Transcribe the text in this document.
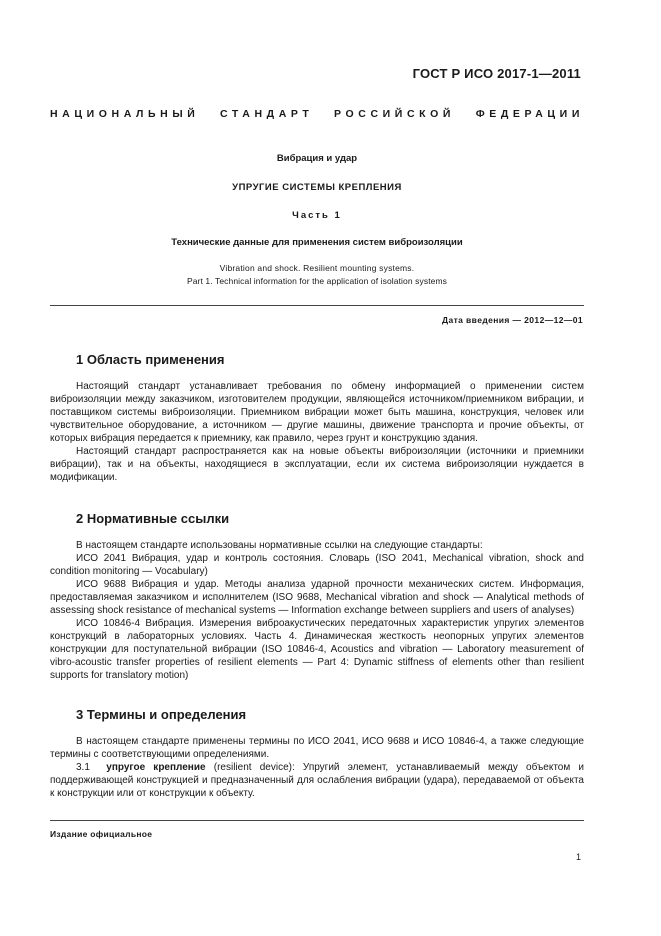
ГОСТ Р ИСО 2017-1—2011
НАЦИОНАЛЬНЫЙ СТАНДАРТ РОССИЙСКОЙ ФЕДЕРАЦИИ
Вибрация и удар
УПРУГИЕ СИСТЕМЫ КРЕПЛЕНИЯ
Часть 1
Технические данные для применения систем виброизоляции
Vibration and shock. Resilient mounting systems.
Part 1. Technical information for the application of isolation systems
Дата введения — 2012—12—01
1 Область применения

Настоящий стандарт устанавливает требования по обмену информацией о применении систем виброизоляции между заказчиком, изготовителем продукции, являющейся источником/приемником вибрации, и поставщиком системы виброизоляции. Приемником вибрации может быть машина, конструкция, человек или чувствительное оборудование, а источником — другие машины, движение транспорта и прочие объекты, от которых вибрация передается к приемнику, как правило, через грунт и конструкцию здания.

Настоящий стандарт распространяется как на новые объекты виброизоляции (источники и приемники вибрации), так и на объекты, находящиеся в эксплуатации, если их система виброизоляции нуждается в модификации.

2 Нормативные ссылки

В настоящем стандарте использованы нормативные ссылки на следующие стандарты:

ИСО 2041 Вибрация, удар и контроль состояния. Словарь (ISO 2041, Mechanical vibration, shock and condition monitoring — Vocabulary)

ИСО 9688 Вибрация и удар. Методы анализа ударной прочности механических систем. Информация, предоставляемая заказчиком и исполнителем (ISO 9688, Mechanical vibration and shock — Analytical methods of assessing shock resistance of mechanical systems — Information exchange between suppliers and users of analyses)

ИСО 10846-4 Вибрация. Измерения виброакустических передаточных характеристик упругих элементов конструкций в лабораторных условиях. Часть 4. Динамическая жесткость неопорных упругих элементов конструкции для поступательной вибрации (ISO 10846-4, Acoustics and vibration — Laboratory measurement of vibro-acoustic transfer properties of resilient elements — Part 4: Dynamic stiffness of elements other than resilient supports for translatory motion)

3 Термины и определения

В настоящем стандарте применены термины по ИСО 2041, ИСО 9688 и ИСО 10846-4, а также следующие термины с соответствующими определениями.

3.1 упругое крепление (resilient device): Упругий элемент, устанавливаемый между объектом и поддерживающей конструкцией и предназначенный для ослабления вибрации (удара), передаваемой от объекта к конструкции или от конструкции к объекту.

Издание официальное
1
